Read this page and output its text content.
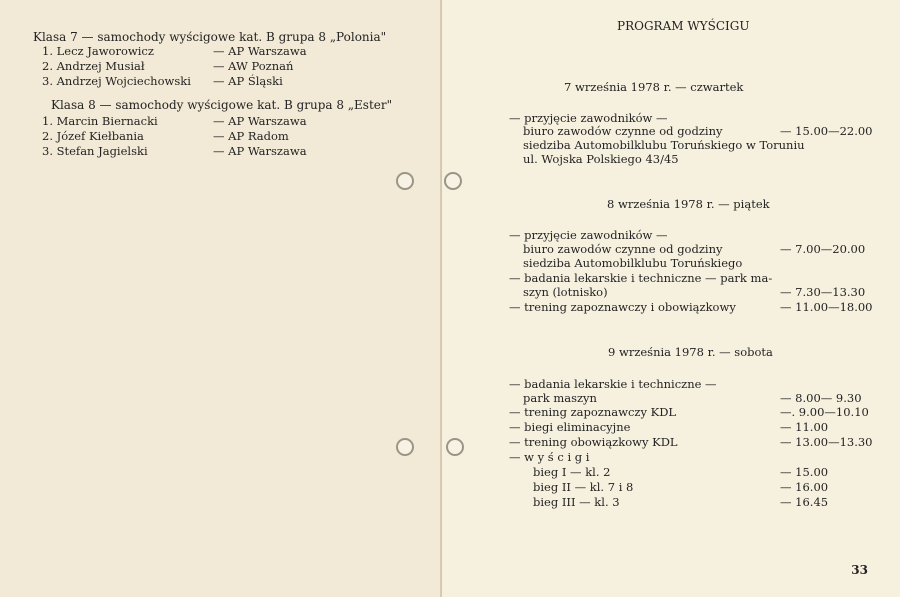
Klasa 7 — samochody wyścigowe kat. B grupa 8 „Polonia"
1. Lecz Jaworowicz	— AP Warszawa
2. Andrzej Musiał	— AW Poznań
3. Andrzej Wojciechowski — AP Śląski
Klasa 8 — samochody wyścigowe kat. B grupa 8 „Ester"
1. Marcin Biernacki	— AP Warszawa
2. Józef Kiełbania	— AP Radom
3. Stefan Jagielski	— AP Warszawa
PROGRAM WYŚCIGU
7 września 1978 r. — czwartek
— przyjęcie zawodników —
biuro zawodów czynne od godziny	— 15.00—22.00
siedziba Automobilklubu Toruńskiego w Toruniu
ul. Wojska Polskiego 43/45
8 września 1978 r. — piątek
— przyjęcie zawodników —
biuro zawodów czynne od godziny	— 7.00—20.00
siedziba Automobilklubu Toruńskiego
— badania lekarskie i techniczne — park ma-
szyn (lotnisko)	— 7.30—13.30
— trening zapoznawczy i obowiązkowy	— 11.00—18.00
9 września 1978 r. — sobota
— badania lekarskie i techniczne —
park maszyn	— 8.00— 9.30
— trening zapoznawczy KDL	—. 9.00—10.10
— biegi eliminacyjne	— 11.00
— trening obowiązkowy KDL	— 13.00—13.30
— w y ś c i g i
bieg I — kl. 2	— 15.00
bieg II — kl. 7 i 8	— 16.00
bieg III — kl. 3	— 16.45
33
